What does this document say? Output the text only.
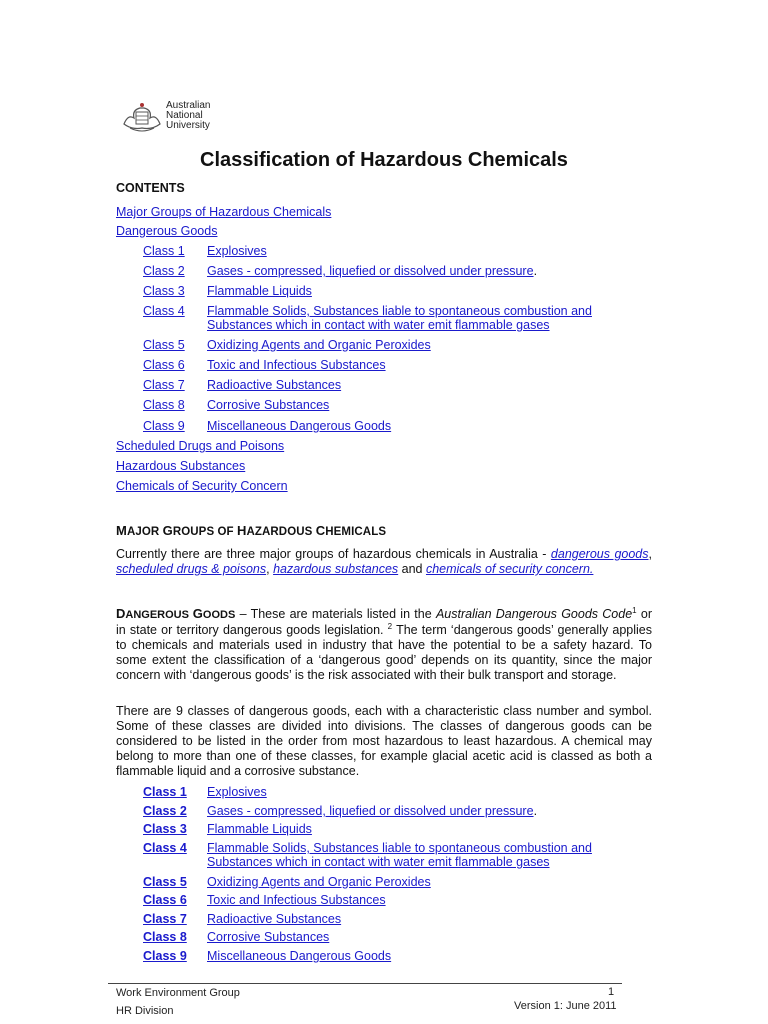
Australian
National
University
Classification of Hazardous Chemicals
CONTENTS
Major Groups of Hazardous Chemicals
Dangerous Goods
Class 1 Explosives
Class 2 Gases - compressed, liquefied or dissolved under pressure.
Class 3 Flammable Liquids
Class 4 Flammable Solids, Substances liable to spontaneous combustion and
Substances which in contact with water emit flammable gases
Class 5 Oxidizing Agents and Organic Peroxides
Class 6 Toxic and Infectious Substances
Class 7 Radioactive Substances
Class 8 Corrosive Substances
Class 9 Miscellaneous Dangerous Goods
Scheduled Drugs and Poisons
Hazardous Substances
Chemicals of Security Concern
MAJOR GROUPS OF HAZARDOUS CHEMICALS
Currently there are three major groups of hazardous chemicals in Australia - dangerous goods, scheduled drugs & poisons, hazardous substances and chemicals of security concern.
DANGEROUS GOODS – These are materials listed in the Australian Dangerous Goods Code$^1$ or in state or territory dangerous goods legislation. $^2$ The term ‘dangerous goods’ generally applies to chemicals and materials used in industry that have the potential to be a safety hazard. To some extent the classification of a ‘dangerous good’ depends on its quantity, since the major concern with ‘dangerous goods’ is the risk associated with their bulk transport and storage.
There are 9 classes of dangerous goods, each with a characteristic class number and symbol. Some of these classes are divided into divisions. The classes of dangerous goods can be considered to be listed in the order from most hazardous to least hazardous. A chemical may belong to more than one of these classes, for example glacial acetic acid is classed as both a flammable liquid and a corrosive substance.
Class 1 Explosives
Class 2 Gases - compressed, liquefied or dissolved under pressure.
Class 3 Flammable Liquids
Class 4 Flammable Solids, Substances liable to spontaneous combustion and
Substances which in contact with water emit flammable gases
Class 5 Oxidizing Agents and Organic Peroxides
Class 6 Toxic and Infectious Substances
Class 7 Radioactive Substances
Class 8 Corrosive Substances
Class 9 Miscellaneous Dangerous Goods
Work Environment Group
HR Division
1
Version 1: June 2011
